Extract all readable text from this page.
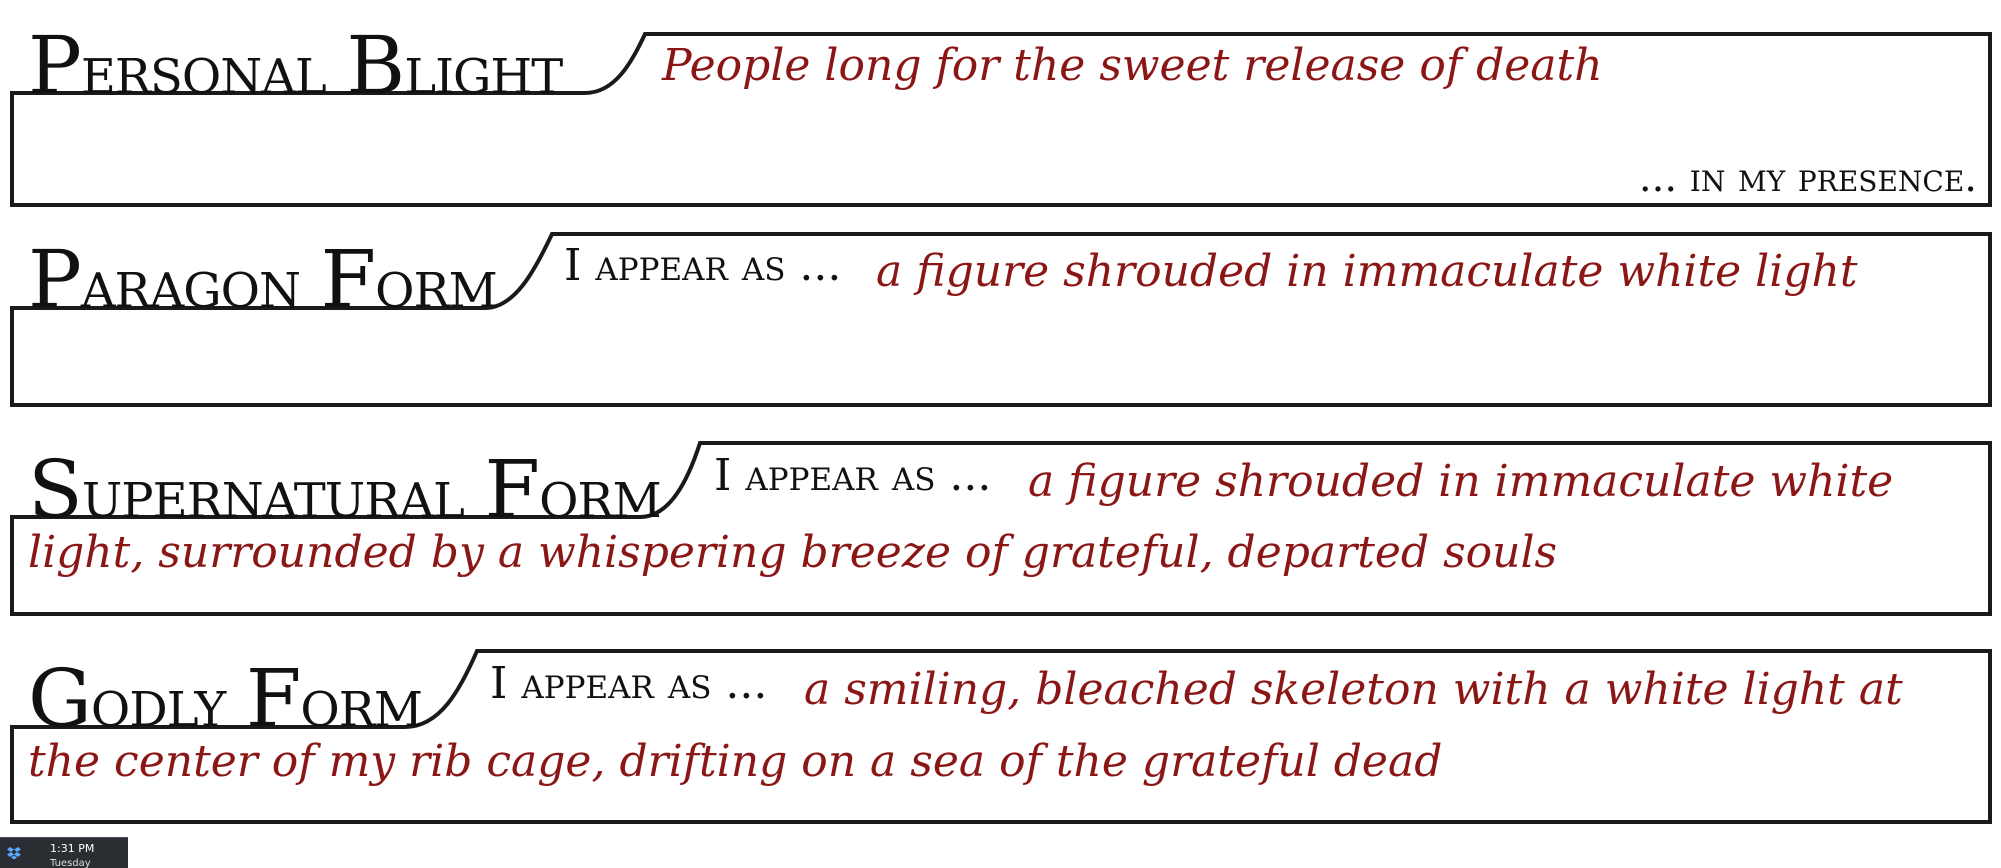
Personal Blight People long for the sweet release of death
... in my presence.
Paragon Form I appear as ... a figure shrouded in immaculate white light
Supernatural Form I appear as ... a figure shrouded in immaculate white
light, surrounded by a whispering breeze of grateful, departed souls
Godly Form I appear as ... a smiling, bleached skeleton with a white light at
the center of my rib cage, drifting on a sea of the grateful dead
1:31 PM
Tuesday
